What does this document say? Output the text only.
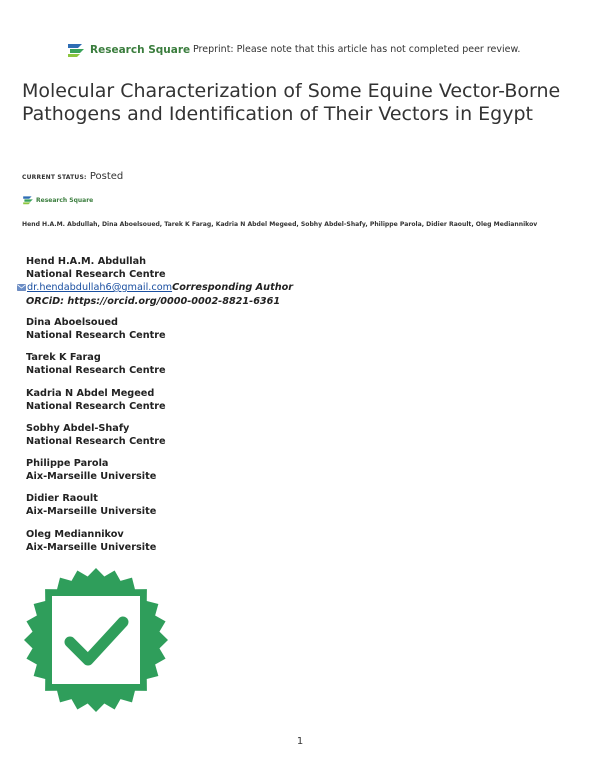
Research Square Preprint: Please note that this article has not completed peer review.
Molecular Characterization of Some Equine Vector-Borne Pathogens and Identification of Their Vectors in Egypt
CURRENT STATUS: Posted
Research Square

Hend H.A.M. Abdullah, Dina Aboelsoued, Tarek K Farag, Kadria N Abdel Megeed, Sobhy Abdel-Shafy, Philippe Parola, Didier Raoult, Oleg Mediannikov

Hend H.A.M. Abdullah
National Research Centre
dr.hendabdullah6@gmail.comCorresponding Author
ORCiD: https://orcid.org/0000-0002-8821-6361
Dina Aboelsoued
National Research Centre
Tarek K Farag
National Research Centre
Kadria N Abdel Megeed
National Research Centre
Sobhy Abdel-Shafy
National Research Centre
Philippe Parola
Aix-Marseille Universite
Didier Raoult
Aix-Marseille Universite
Oleg Mediannikov
Aix-Marseille Universite
1
